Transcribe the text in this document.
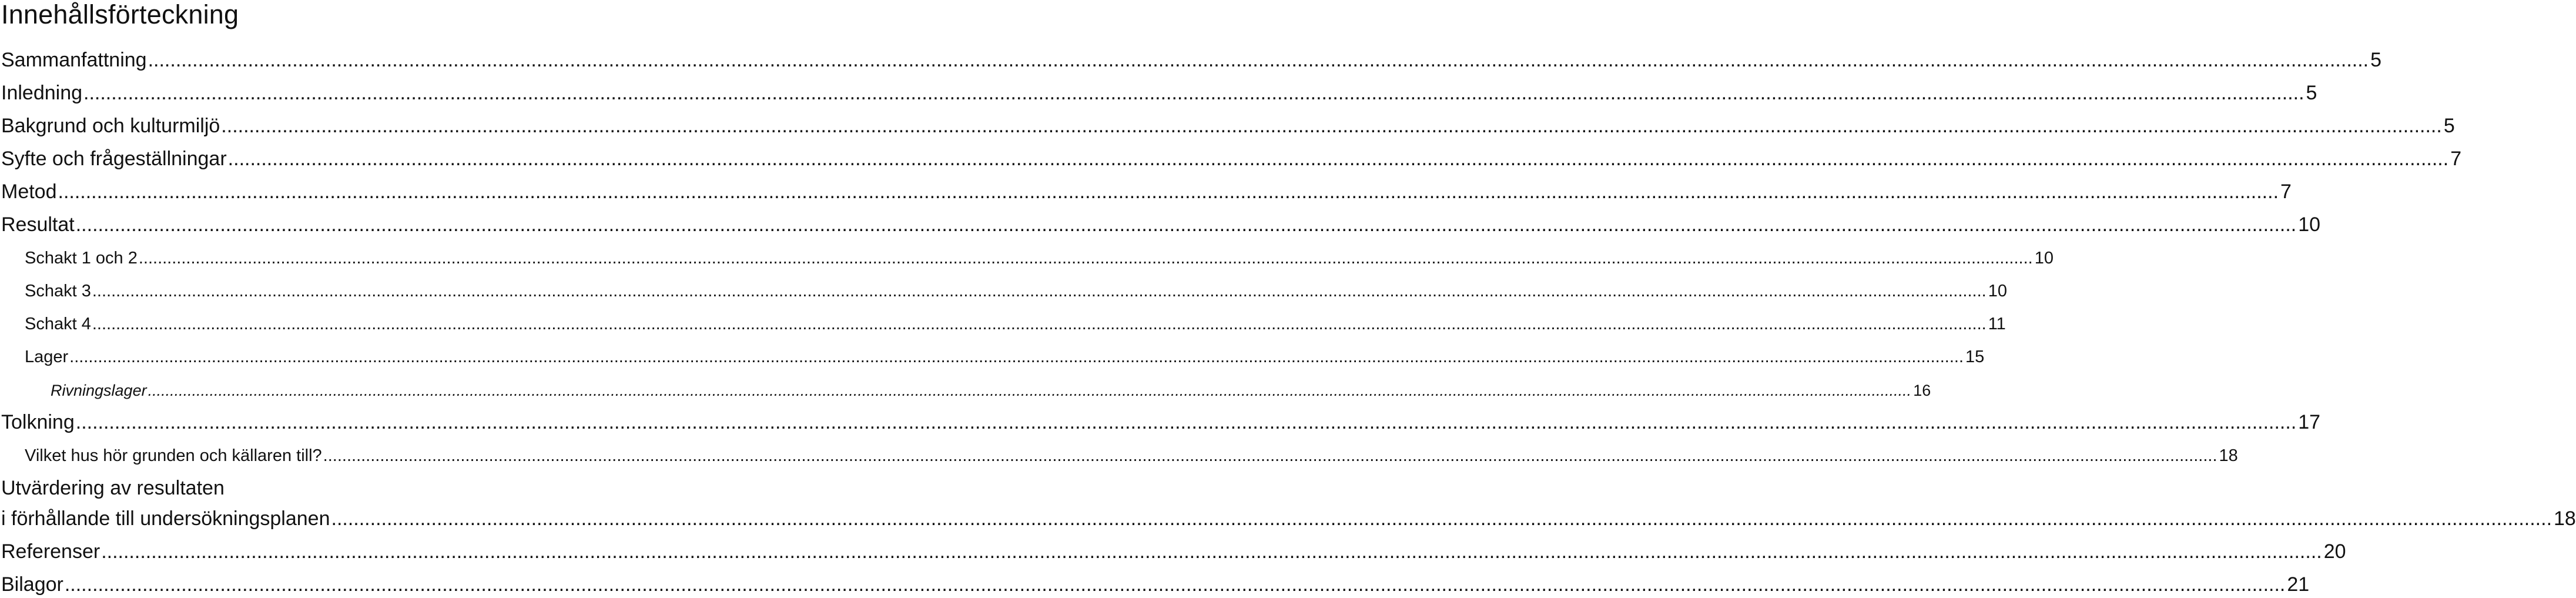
Innehållsförteckning
Sammanfattning ................................................................................................................................................................................................................................................................................................................................................................................................................ 5
Inledning ................................................................................................................................................................................................................................................................................................................................................................................................................ 5
Bakgrund och kulturmiljö ................................................................................................................................................................................................................................................................................................................................................................................................................ 5
Syfte och frågeställningar ................................................................................................................................................................................................................................................................................................................................................................................................................ 7
Metod ................................................................................................................................................................................................................................................................................................................................................................................................................ 7
Resultat ................................................................................................................................................................................................................................................................................................................................................................................................................ 10
Schakt 1 och 2 ................................................................................................................................................................................................................................................................................................................................................................................................................ 10
Schakt 3 ................................................................................................................................................................................................................................................................................................................................................................................................................ 10
Schakt 4 ................................................................................................................................................................................................................................................................................................................................................................................................................ 11
Lager ................................................................................................................................................................................................................................................................................................................................................................................................................ 15
Rivningslager ................................................................................................................................................................................................................................................................................................................................................................................................................ 16
Tolkning ................................................................................................................................................................................................................................................................................................................................................................................................................ 17
Vilket hus hör grunden och källaren till? ................................................................................................................................................................................................................................................................................................................................................................................................................ 18
Utvärdering av resultaten
i förhållande till undersökningsplanen ................................................................................................................................................................................................................................................................................................................................................................................................................ 18
Referenser ................................................................................................................................................................................................................................................................................................................................................................................................................ 20
Bilagor ................................................................................................................................................................................................................................................................................................................................................................................................................ 21
